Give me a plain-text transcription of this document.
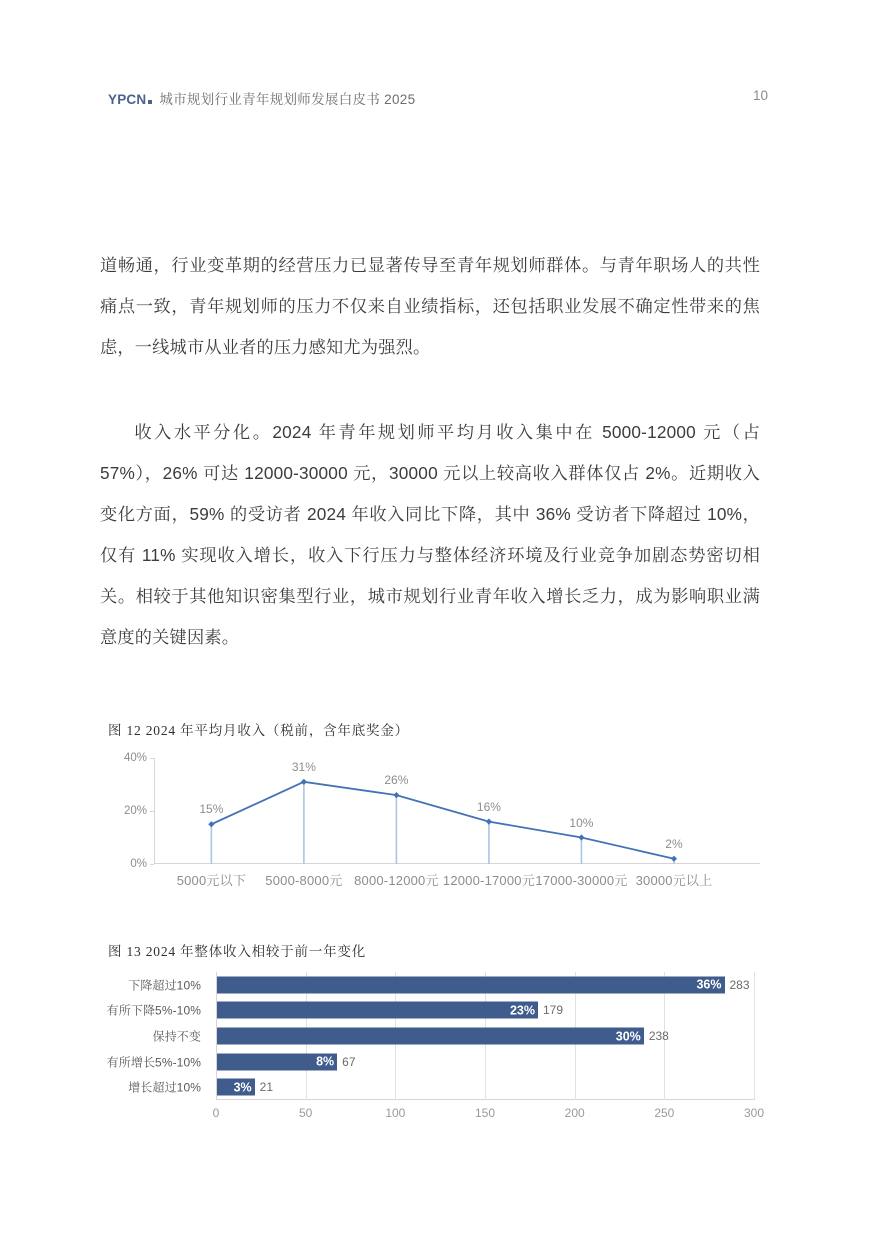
YPCN 城市规划行业青年规划师发展白皮书 2025	10

道畅通，行业变革期的经营压力已显著传导至青年规划师群体。与青年职场人的共性痛点一致，青年规划师的压力不仅来自业绩指标，还包括职业发展不确定性带来的焦虑，一线城市从业者的压力感知尤为强烈。

收入水平分化。2024 年青年规划师平均月收入集中在 5000-12000 元（占 57%），26% 可达 12000-30000 元，30000 元以上较高收入群体仅占 2%。近期收入变化方面，59% 的受访者 2024 年收入同比下降，其中 36% 受访者下降超过 10%，仅有 11% 实现收入增长，收入下行压力与整体经济环境及行业竞争加剧态势密切相关。相较于其他知识密集型行业，城市规划行业青年收入增长乏力，成为影响职业满意度的关键因素。

图 12 2024 年平均月收入（税前，含年底奖金）
0%
20%
40%
15%
31%
26%
16%
10%
2%
5000元以下 5000-8000元 8000-12000元 12000-17000元 17000-30000元 30000元以上
图 13 2024 年整体收入相较于前一年变化
下降超过10%
有所下降5%-10%
保持不变
有所增长5%-10%
增长超过10%
36% 283
23% 179
30% 238
8% 67
3% 21
0	50	100	150	200	250	300
